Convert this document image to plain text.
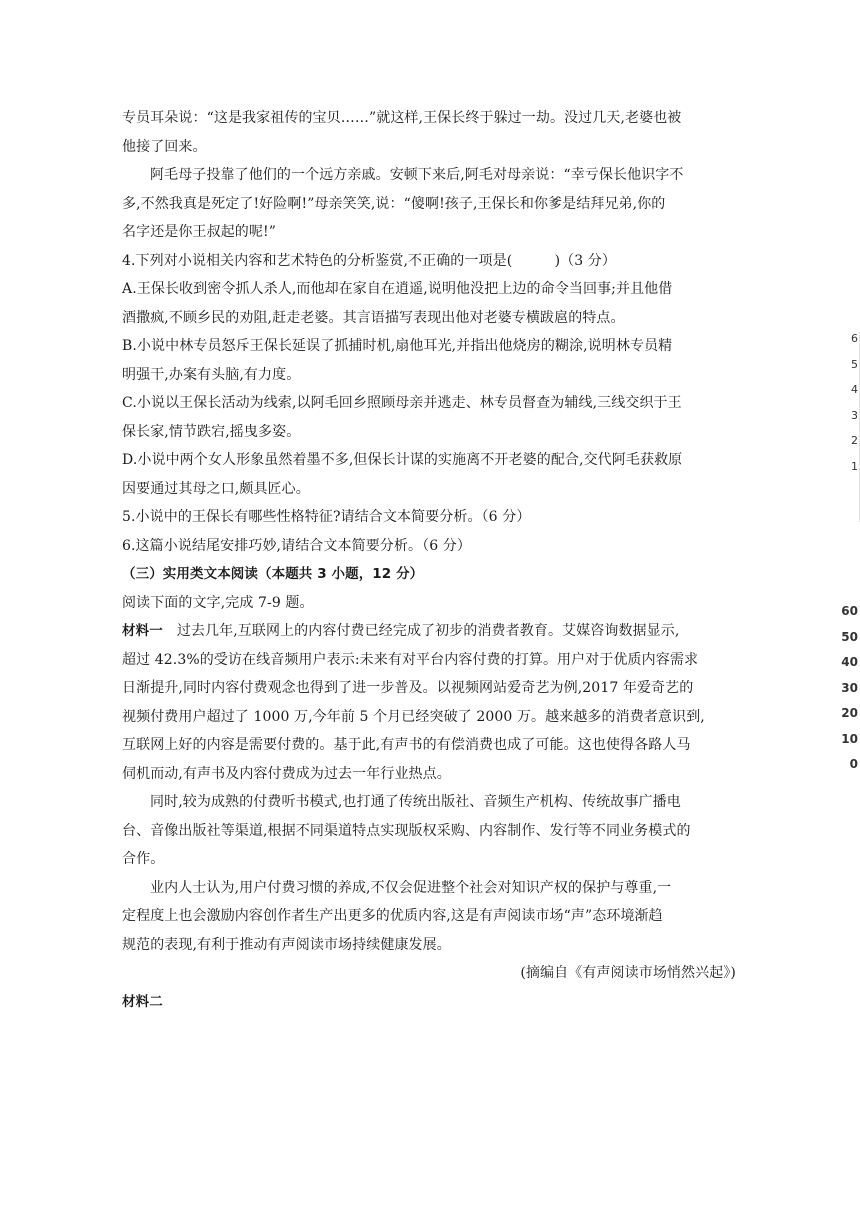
专员耳朵说：“这是我家祖传的宝贝……”就这样,王保长终于躲过一劫。没过几天,老婆也被
他接了回来。
阿毛母子投靠了他们的一个远方亲戚。安顿下来后,阿毛对母亲说：“幸亏保长他识字不
多,不然我真是死定了!好险啊!”母亲笑笑,说：“傻啊!孩子,王保长和你爹是结拜兄弟,你的
名字还是你王叔起的呢!”
4.下列对小说相关内容和艺术特色的分析鉴赏,不正确的一项是(　　　)（3 分）
A.王保长收到密令抓人杀人,而他却在家自在逍遥,说明他没把上边的命令当回事;并且他借
酒撒疯,不顾乡民的劝阻,赶走老婆。其言语描写表现出他对老婆专横跋扈的特点。
B.小说中林专员怒斥王保长延误了抓捕时机,扇他耳光,并指出他烧房的糊涂,说明林专员精
明强干,办案有头脑,有力度。
C.小说以王保长活动为线索,以阿毛回乡照顾母亲并逃走、林专员督查为辅线,三线交织于王
保长家,情节跌宕,摇曳多姿。
D.小说中两个女人形象虽然着墨不多,但保长计谋的实施离不开老婆的配合,交代阿毛获救原
因要通过其母之口,颇具匠心。
5.小说中的王保长有哪些性格特征?请结合文本简要分析。（6 分）
6.这篇小说结尾安排巧妙,请结合文本简要分析。（6 分）
（三）实用类文本阅读（本题共 3 小题，12 分）
阅读下面的文字,完成 7-9 题。
材料一 过去几年,互联网上的内容付费已经完成了初步的消费者教育。艾媒咨询数据显示,
超过 42.3%的受访在线音频用户表示:未来有对平台内容付费的打算。用户对于优质内容需求
日渐提升,同时内容付费观念也得到了进一步普及。以视频网站爱奇艺为例,2017 年爱奇艺的
视频付费用户超过了 1000 万,今年前 5 个月已经突破了 2000 万。越来越多的消费者意识到,
互联网上好的内容是需要付费的。基于此,有声书的有偿消费也成了可能。这也使得各路人马
伺机而动,有声书及内容付费成为过去一年行业热点。
同时,较为成熟的付费听书模式,也打通了传统出版社、音频生产机构、传统故事广播电
台、音像出版社等渠道,根据不同渠道特点实现版权采购、内容制作、发行等不同业务模式的
合作。
业内人士认为,用户付费习惯的养成,不仅会促进整个社会对知识产权的保护与尊重,一
定程度上也会激励内容创作者生产出更多的优质内容,这是有声阅读市场“声”态环境渐趋
规范的表现,有利于推动有声阅读市场持续健康发展。
(摘编自《有声阅读市场悄然兴起》)
材料二
6
5
4
3
2
1
60
50
40
30
20
10
0
